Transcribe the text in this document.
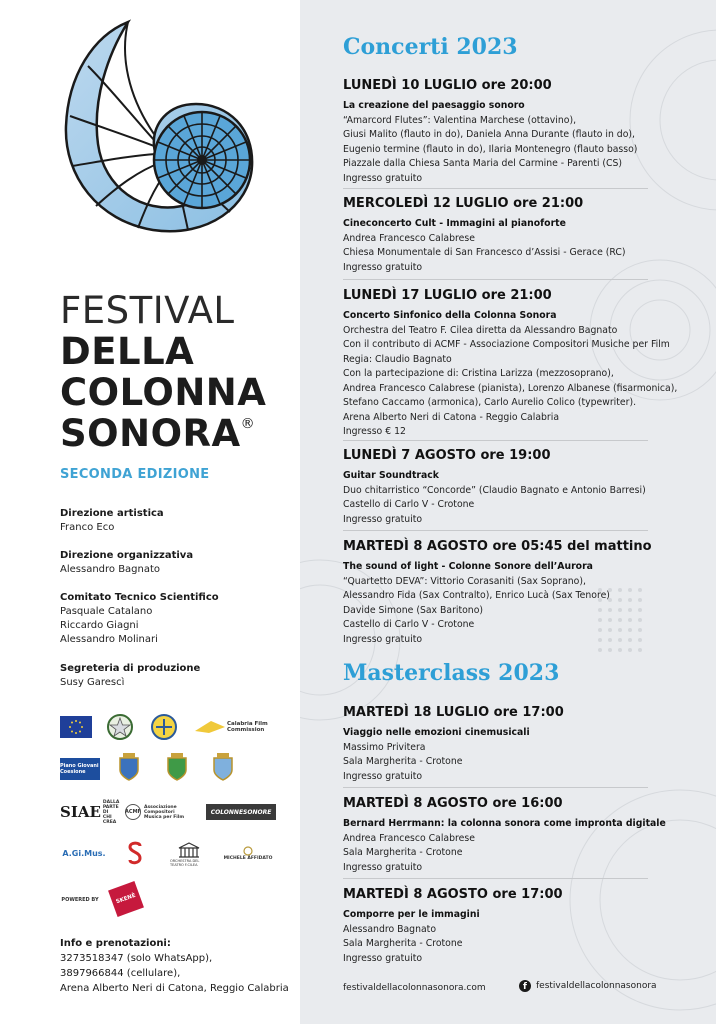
FESTIVAL
DELLA
COLONNA
SONORA®
SECONDA EDIZIONE
Direzione artistica
Franco Eco
Direzione organizzativa
Alessandro Bagnato
Comitato Tecnico Scientifico
Pasquale Catalano
Riccardo Giagni
Alessandro Molinari
Segreteria di produzione
Susy Garescì
Calabria Film Commission
Piano Giovani Coesione
SIAE
DALLA PARTE DI CHI CREA
ACMF
Associazione Compositori Musica per Film
COLONNESONORE
A.Gi.Mus.
ORCHESTRA DEL TEATRO F.CILEA
MICHELE AFFIDATO
POWERED BY	SKENÈ
Info e prenotazioni:
3273518347 (solo WhatsApp),
3897966844 (cellulare),
Arena Alberto Neri di Catona, Reggio Calabria
Concerti 2023
LUNEDÌ 10 LUGLIO ore 20:00
La creazione del paesaggio sonoro
“Amarcord Flutes”: Valentina Marchese (ottavino),
Giusi Malito (flauto in do), Daniela Anna Durante (flauto in do),
Eugenio termine (flauto in do), Ilaria Montenegro (flauto basso)
Piazzale dalla Chiesa Santa Maria del Carmine - Parenti (CS)
Ingresso gratuito
MERCOLEDÌ 12 LUGLIO ore 21:00
Cineconcerto Cult - Immagini al pianoforte
Andrea Francesco Calabrese
Chiesa Monumentale di San Francesco d’Assisi - Gerace (RC)
Ingresso gratuito
LUNEDÌ 17 LUGLIO ore 21:00
Concerto Sinfonico della Colonna Sonora
Orchestra del Teatro F. Cilea diretta da Alessandro Bagnato
Con il contributo di ACMF - Associazione Compositori Musiche per Film
Regia: Claudio Bagnato
Con la partecipazione di: Cristina Larizza (mezzosoprano),
Andrea Francesco Calabrese (pianista), Lorenzo Albanese (fisarmonica),
Stefano Caccamo (armonica), Carlo Aurelio Colico (typewriter).
Arena Alberto Neri di Catona - Reggio Calabria
Ingresso € 12
LUNEDÌ 7 AGOSTO ore 19:00
Guitar Soundtrack
Duo chitarristico “Concorde” (Claudio Bagnato e Antonio Barresi)
Castello di Carlo V - Crotone
Ingresso gratuito
MARTEDÌ 8 AGOSTO ore 05:45 del mattino
The sound of light - Colonne Sonore dell’Aurora
“Quartetto DEVA”: Vittorio Corasaniti (Sax Soprano),
Alessandro Fida (Sax Contralto), Enrico Lucà (Sax Tenore)
Davide Simone (Sax Baritono)
Castello di Carlo V - Crotone
Ingresso gratuito
Masterclass 2023
MARTEDÌ 18 LUGLIO ore 17:00
Viaggio nelle emozioni cinemusicali
Massimo Privitera
Sala Margherita - Crotone
Ingresso gratuito
MARTEDÌ 8 AGOSTO ore 16:00
Bernard Herrmann: la colonna sonora come impronta digitale
Andrea Francesco Calabrese
Sala Margherita - Crotone
Ingresso gratuito
MARTEDÌ 8 AGOSTO ore 17:00
Comporre per le immagini
Alessandro Bagnato
Sala Margherita - Crotone
Ingresso gratuito
festivaldellacolonnasonora.com	f	festivaldellacolonnasonora
